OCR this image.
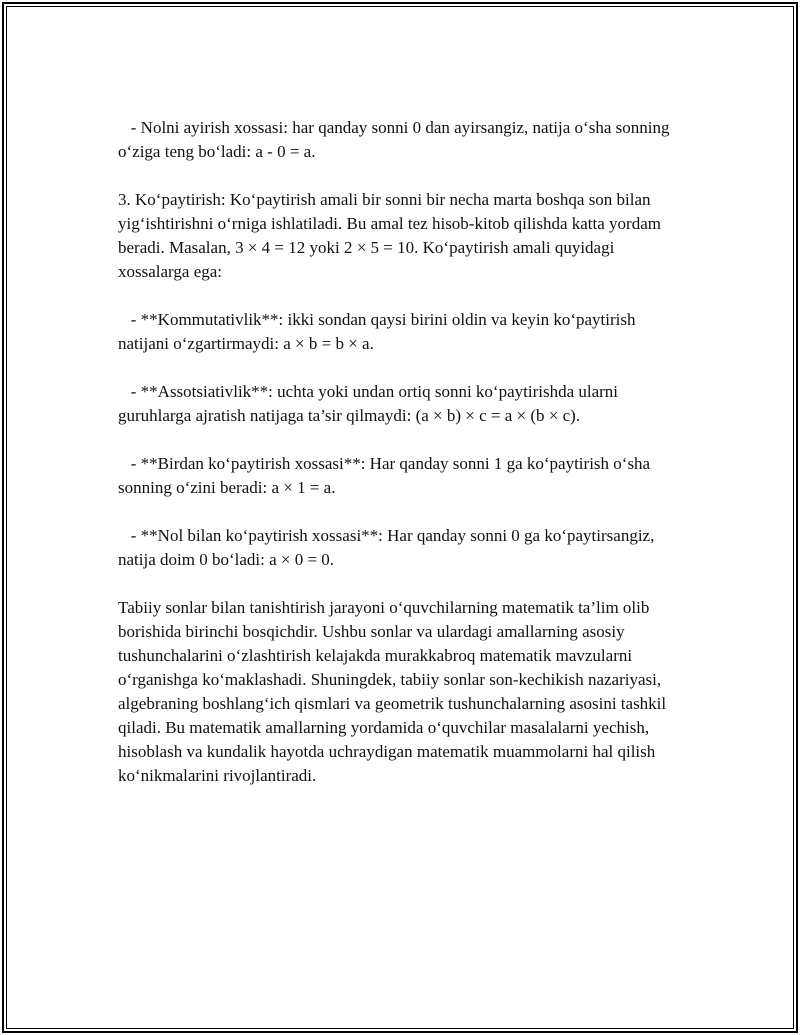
- Nolni ayirish xossasi: har qanday sonni 0 dan ayirsangiz, natija o‘sha sonning o‘ziga teng bo‘ladi: a - 0 = a.

3. Ko‘paytirish: Ko‘paytirish amali bir sonni bir necha marta boshqa son bilan yig‘ishtirishni o‘rniga ishlatiladi. Bu amal tez hisob-kitob qilishda katta yordam beradi. Masalan, 3 × 4 = 12 yoki 2 × 5 = 10. Ko‘paytirish amali quyidagi xossalarga ega:

- **Kommutativlik**: ikki sondan qaysi birini oldin va keyin ko‘paytirish natijani o‘zgartirmaydi: a × b = b × a.

- **Assotsiativlik**: uchta yoki undan ortiq sonni ko‘paytirishda ularni guruhlarga ajratish natijaga ta’sir qilmaydi: (a × b) × c = a × (b × c).

- **Birdan ko‘paytirish xossasi**: Har qanday sonni 1 ga ko‘paytirish o‘sha sonning o‘zini beradi: a × 1 = a.

- **Nol bilan ko‘paytirish xossasi**: Har qanday sonni 0 ga ko‘paytirsangiz, natija doim 0 bo‘ladi: a × 0 = 0.

Tabiiy sonlar bilan tanishtirish jarayoni o‘quvchilarning matematik ta’lim olib borishida birinchi bosqichdir. Ushbu sonlar va ulardagi amallarning asosiy tushunchalarini o‘zlashtirish kelajakda murakkabroq matematik mavzularni o‘rganishga ko‘maklashadi. Shuningdek, tabiiy sonlar son-kechikish nazariyasi, algebraning boshlang‘ich qismlari va geometrik tushunchalarning asosini tashkil qiladi. Bu matematik amallarning yordamida o‘quvchilar masalalarni yechish, hisoblash va kundalik hayotda uchraydigan matematik muammolarni hal qilish ko‘nikmalarini rivojlantiradi.
